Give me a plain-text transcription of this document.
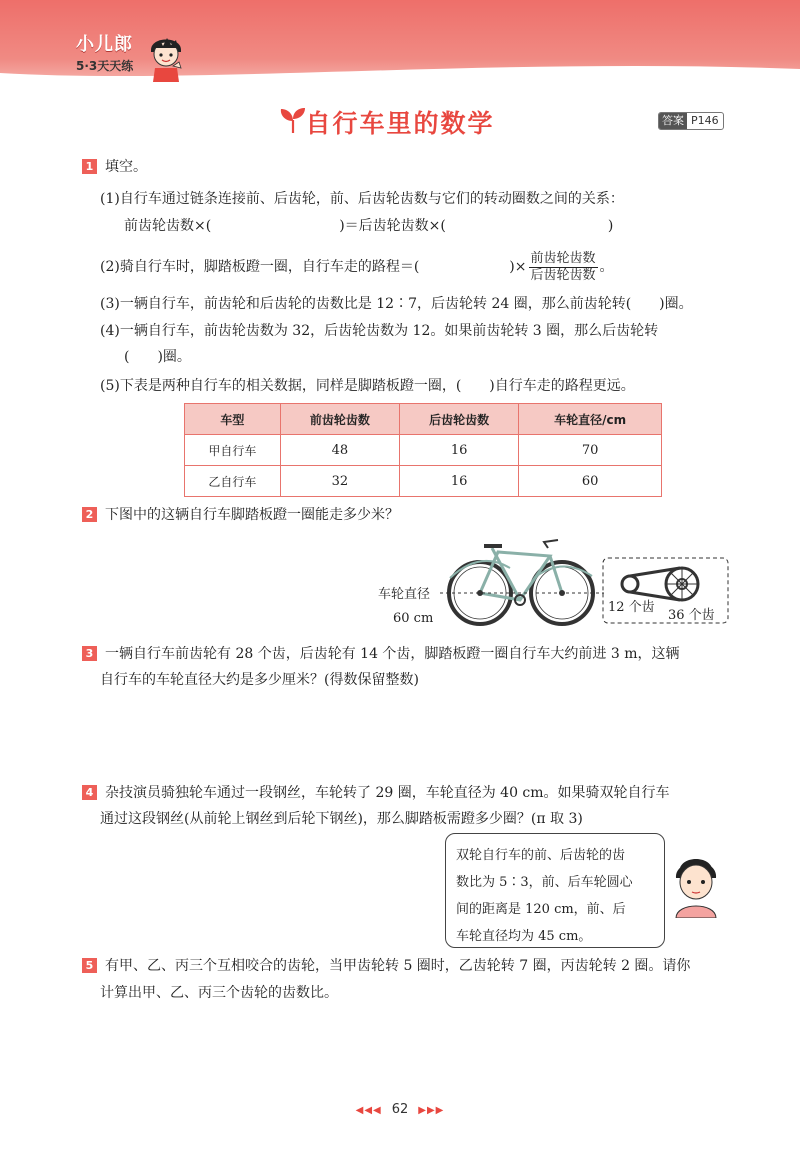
小儿郎
5·3天天练
自行车里的数学	答案 P146
1 填空。
(1)自行车通过链条连接前、后齿轮，前、后齿轮齿数与它们的转动圈数之间的关系：
前齿轮齿数×(	)＝后齿轮齿数×(	)
(2)骑自行车时，脚踏板蹬一圈，自行车走的路程＝(	)× $\frac{\text{前齿轮齿数}}{\text{后齿轮齿数}}$ 。
(3)一辆自行车，前齿轮和后齿轮的齿数比是 12∶7，后齿轮转 24 圈，那么前齿轮转(　　)圈。
(4)一辆自行车，前齿轮齿数为 32，后齿轮齿数为 12。如果前齿轮转 3 圈，那么后齿轮转
(　　)圈。
(5)下表是两种自行车的相关数据，同样是脚踏板蹬一圈，(　　)自行车走的路程更远。
车型	前齿轮齿数	后齿轮齿数	车轮直径/cm
甲自行车	48	16	70
乙自行车	32	16	60
2 下图中的这辆自行车脚踏板蹬一圈能走多少米？
车轮直径
60 cm
12 个齿
36 个齿
3 一辆自行车前齿轮有 28 个齿，后齿轮有 14 个齿，脚踏板蹬一圈自行车大约前进 3 m，这辆
自行车的车轮直径大约是多少厘米？(得数保留整数)
4 杂技演员骑独轮车通过一段钢丝，车轮转了 29 圈，车轮直径为 40 cm。如果骑双轮自行车
通过这段钢丝(从前轮上钢丝到后轮下钢丝)，那么脚踏板需蹬多少圈？(π 取 3)
双轮自行车的前、后齿轮的齿
数比为 5∶3，前、后车轮圆心
间的距离是 120 cm，前、后
车轮直径均为 45 cm。
5 有甲、乙、丙三个互相咬合的齿轮，当甲齿轮转 5 圈时，乙齿轮转 7 圈，丙齿轮转 2 圈。请你
计算出甲、乙、丙三个齿轮的齿数比。
◀◀◀ 62 ▶▶▶
